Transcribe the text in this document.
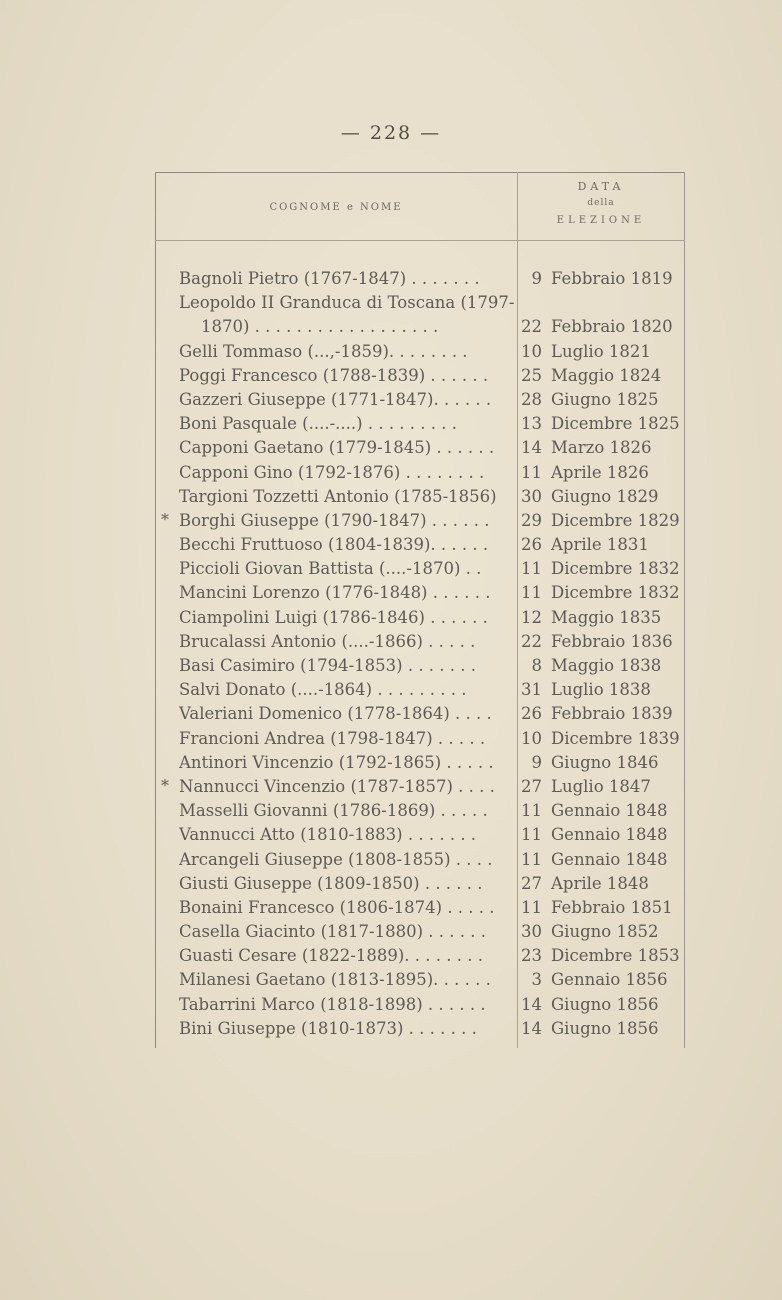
— 228 —
COGNOME e NOME
DATA
della
ELEZIONE
Bagnoli Pietro (1767-1847) . . . . . . .	9 Febbraio 1819
Leopoldo II Granduca di Toscana (1797-
1870) . . . . . . . . . . . . . . . . . .	22 Febbraio 1820
Gelli Tommaso (...,-1859). . . . . . . .	10 Luglio 1821
Poggi Francesco (1788-1839) . . . . . .	25 Maggio 1824
Gazzeri Giuseppe (1771-1847). . . . . .	28 Giugno 1825
Boni Pasquale (....-....) . . . . . . . . .	13 Dicembre 1825
Capponi Gaetano (1779-1845) . . . . . .	14 Marzo 1826
Capponi Gino (1792-1876) . . . . . . . .	11 Aprile 1826
Targioni Tozzetti Antonio (1785-1856)	30 Giugno 1829
* Borghi Giuseppe (1790-1847) . . . . . .	29 Dicembre 1829
Becchi Fruttuoso (1804-1839). . . . . .	26 Aprile 1831
Piccioli Giovan Battista (....-1870) . .	11 Dicembre 1832
Mancini Lorenzo (1776-1848) . . . . . .	11 Dicembre 1832
Ciampolini Luigi (1786-1846) . . . . . .	12 Maggio 1835
Brucalassi Antonio (....-1866) . . . . .	22 Febbraio 1836
Basi Casimiro (1794-1853) . . . . . . .	8 Maggio 1838
Salvi Donato (....-1864) . . . . . . . . .	31 Luglio 1838
Valeriani Domenico (1778-1864) . . . .	26 Febbraio 1839
Francioni Andrea (1798-1847) . . . . .	10 Dicembre 1839
Antinori Vincenzio (1792-1865) . . . . .	9 Giugno 1846
* Nannucci Vincenzio (1787-1857) . . . .	27 Luglio 1847
Masselli Giovanni (1786-1869) . . . . .	11 Gennaio 1848
Vannucci Atto (1810-1883) . . . . . . .	11 Gennaio 1848
Arcangeli Giuseppe (1808-1855) . . . .	11 Gennaio 1848
Giusti Giuseppe (1809-1850) . . . . . .	27 Aprile 1848
Bonaini Francesco (1806-1874) . . . . .	11 Febbraio 1851
Casella Giacinto (1817-1880) . . . . . .	30 Giugno 1852
Guasti Cesare (1822-1889). . . . . . . .	23 Dicembre 1853
Milanesi Gaetano (1813-1895). . . . . .	3 Gennaio 1856
Tabarrini Marco (1818-1898) . . . . . .	14 Giugno 1856
Bini Giuseppe (1810-1873) . . . . . . .	14 Giugno 1856
